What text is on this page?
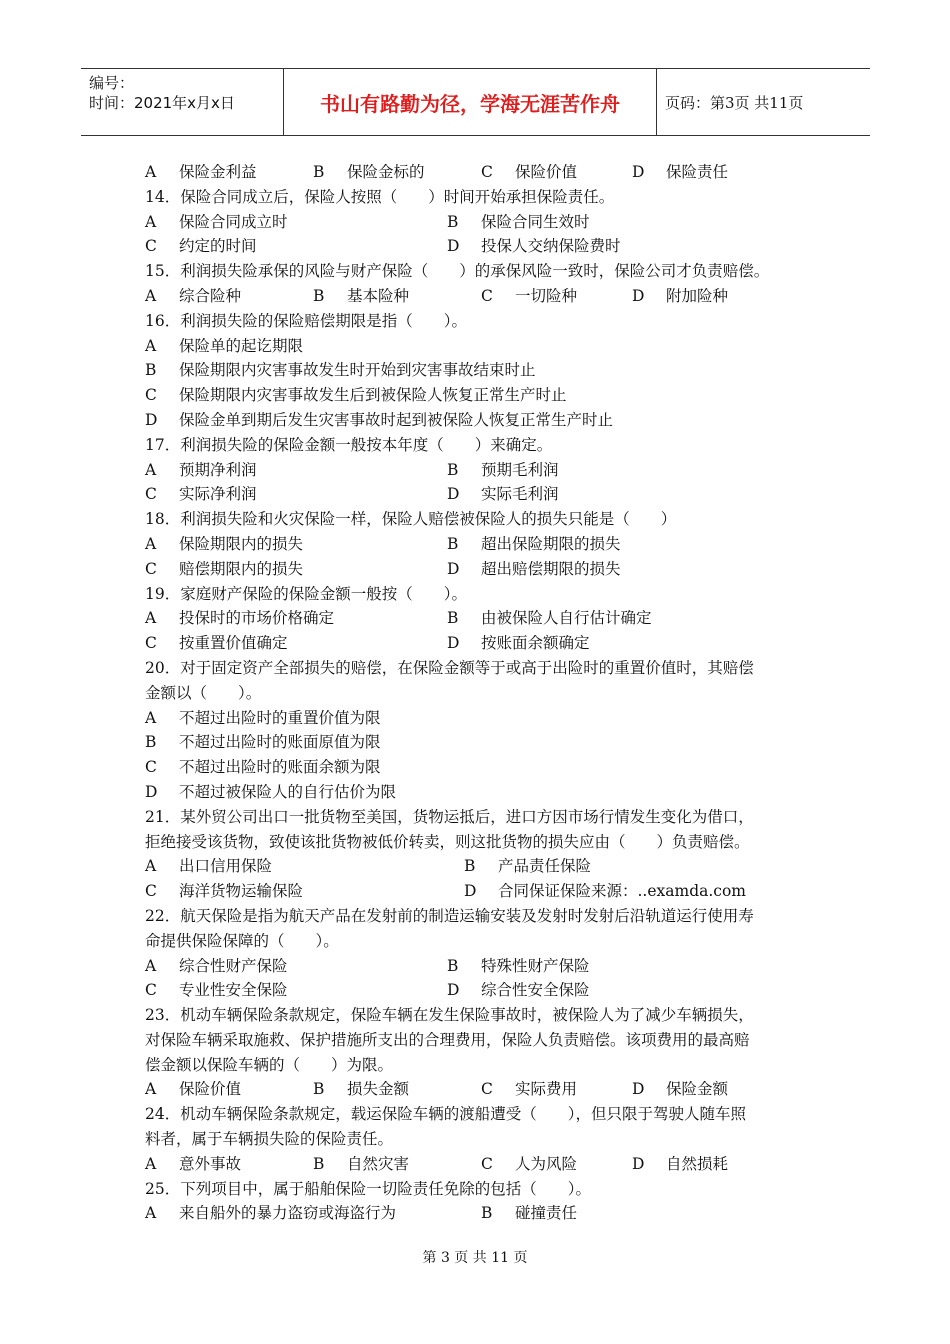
编号：
时间：2021年x月x日	书山有路勤为径，学海无涯苦作舟	页码：第3页 共11页
A 保险金利益	B 保险金标的	C 保险价值	D 保险责任
14．保险合同成立后，保险人按照（　　）时间开始承担保险责任。
A 保险合同成立时	B 保险合同生效时
C 约定的时间	D 投保人交纳保险费时
15．利润损失险承保的风险与财产保险（　　）的承保风险一致时，保险公司才负责赔偿。
A 综合险种	B 基本险种	C 一切险种	D 附加险种
16．利润损失险的保险赔偿期限是指（　　）。
A 保险单的起讫期限
B 保险期限内灾害事故发生时开始到灾害事故结束时止
C 保险期限内灾害事故发生后到被保险人恢复正常生产时止
D 保险金单到期后发生灾害事故时起到被保险人恢复正常生产时止
17．利润损失险的保险金额一般按本年度（　　）来确定。
A 预期净利润	B 预期毛利润
C 实际净利润	D 实际毛利润
18．利润损失险和火灾保险一样，保险人赔偿被保险人的损失只能是（　　）
A 保险期限内的损失	B 超出保险期限的损失
C 赔偿期限内的损失	D 超出赔偿期限的损失
19．家庭财产保险的保险金额一般按（　　）。
A 投保时的市场价格确定	B 由被保险人自行估计确定
C 按重置价值确定	D 按账面余额确定
20．对于固定资产全部损失的赔偿，在保险金额等于或高于出险时的重置价值时，其赔偿
金额以（　　）。
A 不超过出险时的重置价值为限
B 不超过出险时的账面原值为限
C 不超过出险时的账面余额为限
D 不超过被保险人的自行估价为限
21．某外贸公司出口一批货物至美国，货物运抵后，进口方因市场行情发生变化为借口，
拒绝接受该货物，致使该批货物被低价转卖，则这批货物的损失应由（　　）负责赔偿。
A 出口信用保险	B 产品责任保险
C 海洋货物运输保险	D 合同保证保险来源：..examda.com
22．航天保险是指为航天产品在发射前的制造运输安装及发射时发射后沿轨道运行使用寿
命提供保险保障的（　　）。
A 综合性财产保险	B 特殊性财产保险
C 专业性安全保险	D 综合性安全保险
23．机动车辆保险条款规定，保险车辆在发生保险事故时，被保险人为了减少车辆损失，
对保险车辆采取施救、保护措施所支出的合理费用，保险人负责赔偿。该项费用的最高赔
偿金额以保险车辆的（　　）为限。
A 保险价值	B 损失金额	C 实际费用	D 保险金额
24．机动车辆保险条款规定，载运保险车辆的渡船遭受（　　），但只限于驾驶人随车照
料者，属于车辆损失险的保险责任。
A 意外事故	B 自然灾害	C 人为风险	D 自然损耗
25．下列项目中，属于船舶保险一切险责任免除的包括（　　）。
A 来自船外的暴力盗窃或海盗行为	B 碰撞责任
第 3 页 共 11 页
